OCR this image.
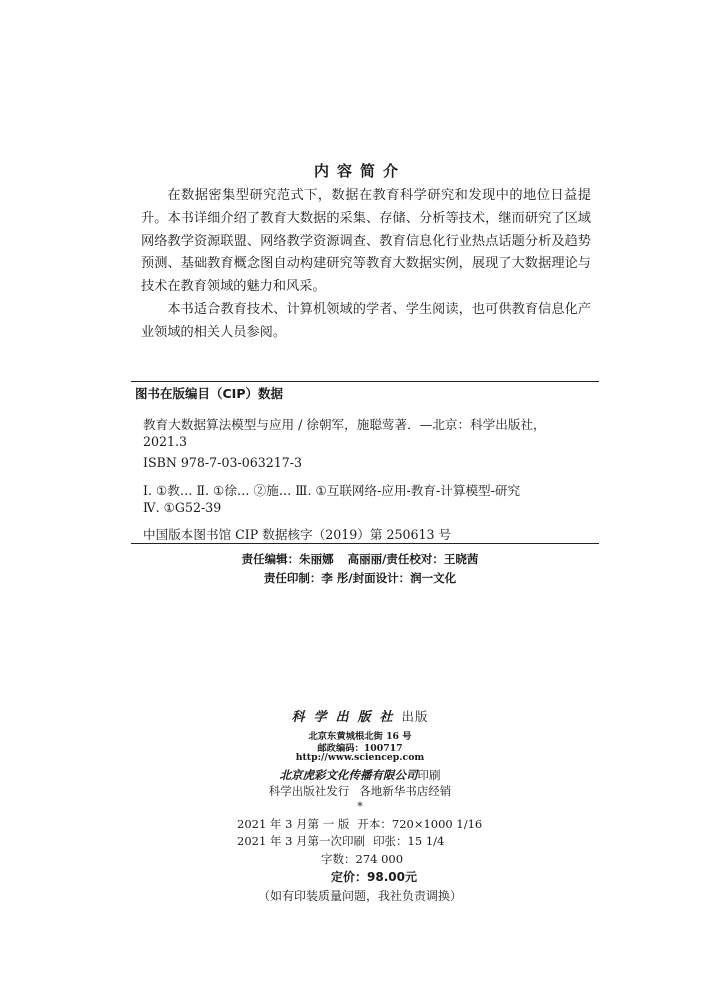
内容简介

在数据密集型研究范式下，数据在教育科学研究和发现中的地位日益提升。本书详细介绍了教育大数据的采集、存储、分析等技术，继而研究了区域网络教学资源联盟、网络教学资源调查、教育信息化行业热点话题分析及趋势预测、基础教育概念图自动构建研究等教育大数据实例，展现了大数据理论与技术在教育领域的魅力和风采。

本书适合教育技术、计算机领域的学者、学生阅读，也可供教育信息化产业领域的相关人员参阅。

图书在版编目（CIP）数据
教育大数据算法模型与应用 / 徐朝军，施聪莺著．—北京：科学出版社，
2021.3
ISBN 978-7-03-063217-3
Ⅰ. ①教… Ⅱ. ①徐… ②施… Ⅲ. ①互联网络-应用-教育-计算模型-研究
Ⅳ. ①G52-39
中国版本图书馆 CIP 数据核字（2019）第 250613 号
责任编辑：朱丽娜 高丽丽/责任校对：王晓茜
责任印制：李 彤/封面设计：润一文化
科学出版社出版
北京东黄城根北街 16 号
邮政编码：100717
http://www.sciencep.com
北京虎彩文化传播有限公司印刷
科学出版社发行 各地新华书店经销
*
2021 年 3 月第 一 版 开本：720×1000 1/16
2021 年 3 月第一次印刷 印张：15 1/4
字数：274 000
定价：98.00元
（如有印装质量问题，我社负责调换）
